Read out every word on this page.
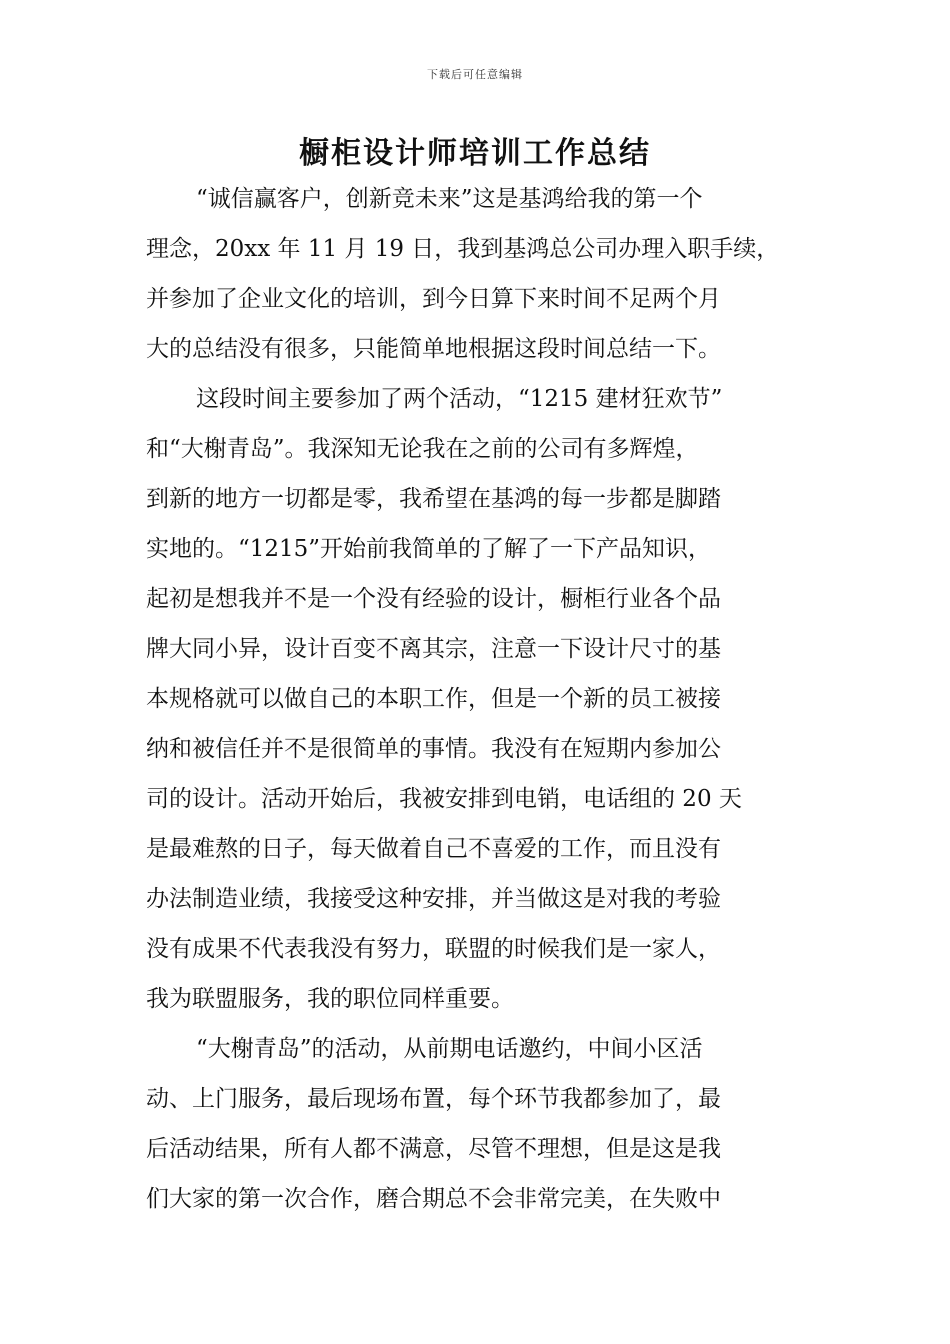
下载后可任意编辑
橱柜设计师培训工作总结
“诚信赢客户，创新竞未来”这是基鸿给我的第一个
理念，20xx 年 11 月 19 日，我到基鸿总公司办理入职手续，
并参加了企业文化的培训，到今日算下来时间不足两个月
大的总结没有很多，只能简单地根据这段时间总结一下。
这段时间主要参加了两个活动，“1215 建材狂欢节”
和“大榭青岛”。我深知无论我在之前的公司有多辉煌，
到新的地方一切都是零，我希望在基鸿的每一步都是脚踏
实地的。“1215”开始前我简单的了解了一下产品知识，
起初是想我并不是一个没有经验的设计，橱柜行业各个品
牌大同小异，设计百变不离其宗，注意一下设计尺寸的基
本规格就可以做自己的本职工作，但是一个新的员工被接
纳和被信任并不是很简单的事情。我没有在短期内参加公
司的设计。活动开始后，我被安排到电销，电话组的 20 天
是最难熬的日子，每天做着自己不喜爱的工作，而且没有
办法制造业绩，我接受这种安排，并当做这是对我的考验
没有成果不代表我没有努力，联盟的时候我们是一家人，
我为联盟服务，我的职位同样重要。
“大榭青岛”的活动，从前期电话邀约，中间小区活
动、上门服务，最后现场布置，每个环节我都参加了，最
后活动结果，所有人都不满意，尽管不理想，但是这是我
们大家的第一次合作，磨合期总不会非常完美，在失败中
